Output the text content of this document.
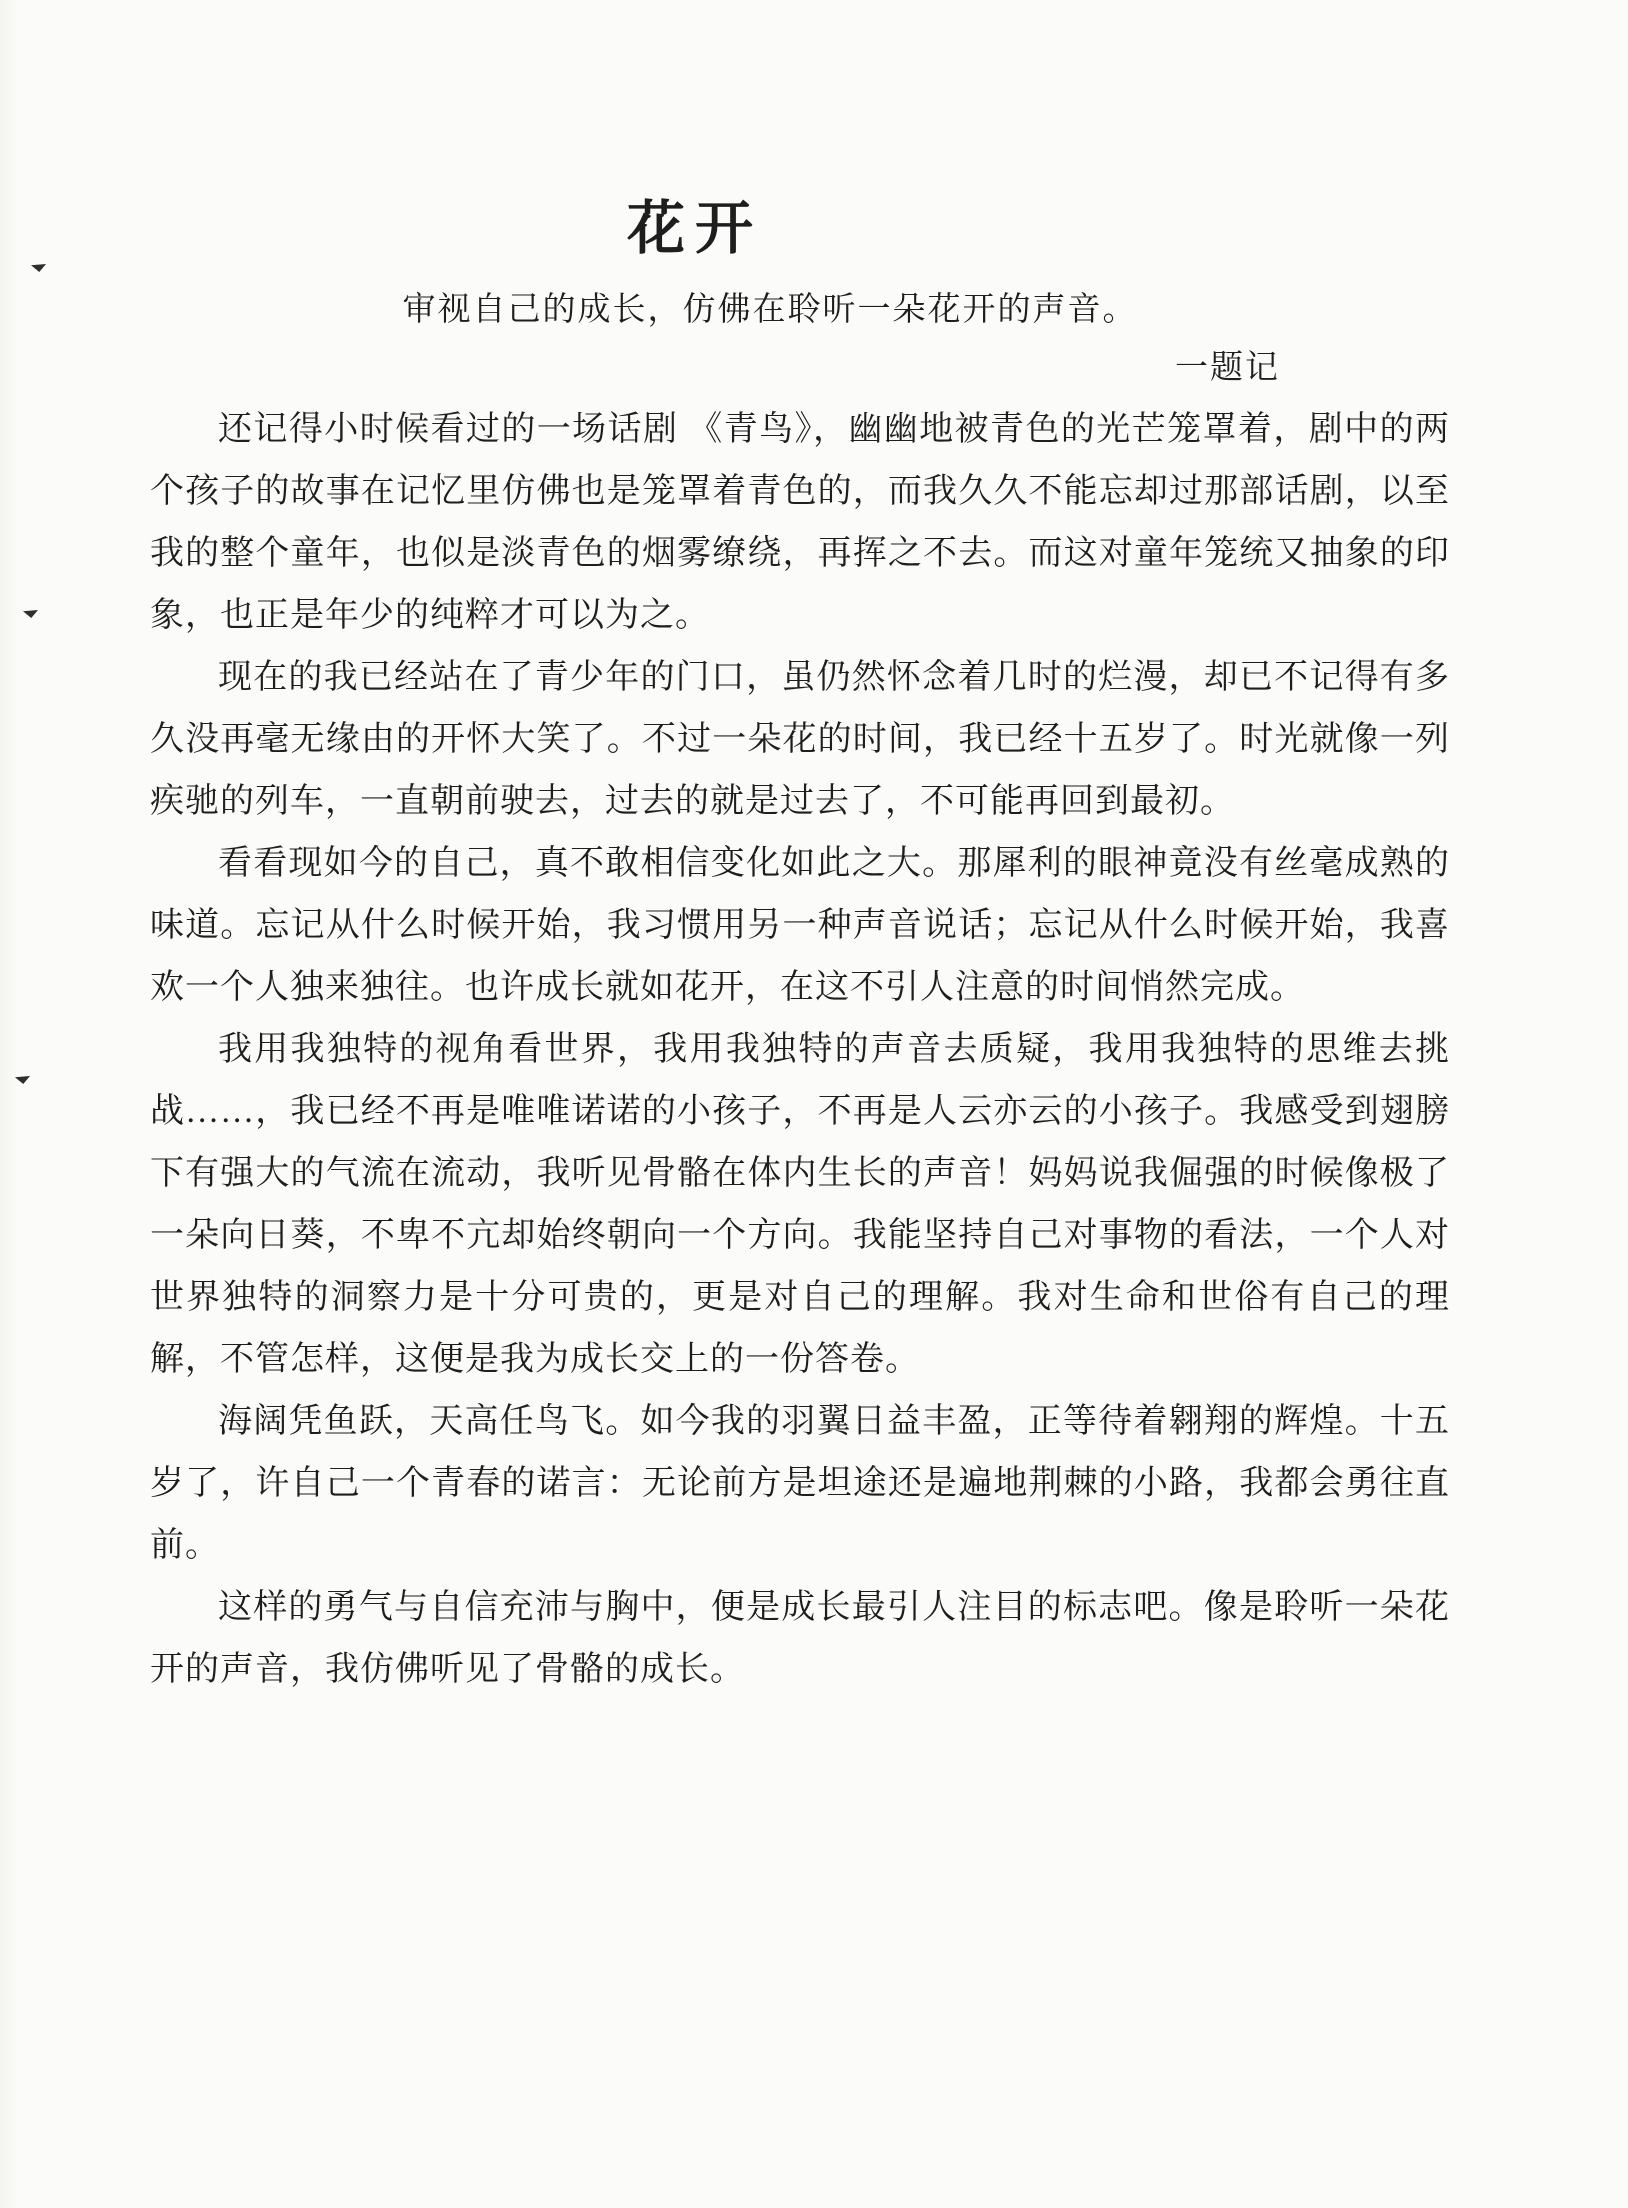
花开
审视自己的成长，仿佛在聆听一朵花开的声音。
一题记

还记得小时候看过的一场话剧 《青鸟》，幽幽地被青色的光芒笼罩着，剧中的两个孩子的故事在记忆里仿佛也是笼罩着青色的，而我久久不能忘却过那部话剧，以至我的整个童年，也似是淡青色的烟雾缭绕，再挥之不去。而这对童年笼统又抽象的印象，也正是年少的纯粹才可以为之。

现在的我已经站在了青少年的门口，虽仍然怀念着几时的烂漫，却已不记得有多久没再毫无缘由的开怀大笑了。不过一朵花的时间，我已经十五岁了。时光就像一列疾驰的列车，一直朝前驶去，过去的就是过去了，不可能再回到最初。

看看现如今的自己，真不敢相信变化如此之大。那犀利的眼神竟没有丝毫成熟的味道。忘记从什么时候开始，我习惯用另一种声音说话；忘记从什么时候开始，我喜欢一个人独来独往。也许成长就如花开，在这不引人注意的时间悄然完成。

我用我独特的视角看世界，我用我独特的声音去质疑，我用我独特的思维去挑战……，我已经不再是唯唯诺诺的小孩子，不再是人云亦云的小孩子。我感受到翅膀下有强大的气流在流动，我听见骨骼在体内生长的声音！妈妈说我倔强的时候像极了一朵向日葵，不卑不亢却始终朝向一个方向。我能坚持自己对事物的看法，一个人对世界独特的洞察力是十分可贵的，更是对自己的理解。我对生命和世俗有自己的理解，不管怎样，这便是我为成长交上的一份答卷。

海阔凭鱼跃，天高任鸟飞。如今我的羽翼日益丰盈，正等待着翱翔的辉煌。十五岁了，许自己一个青春的诺言：无论前方是坦途还是遍地荆棘的小路，我都会勇往直前。

这样的勇气与自信充沛与胸中，便是成长最引人注目的标志吧。像是聆听一朵花开的声音，我仿佛听见了骨骼的成长。
